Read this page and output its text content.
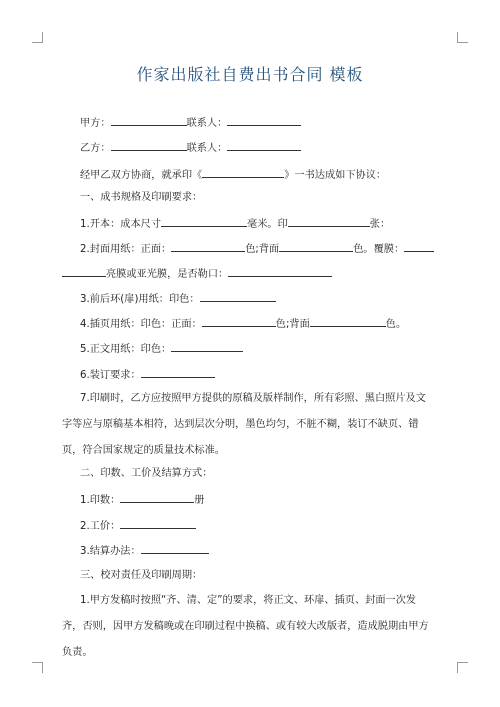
作家出版社自费出书合同 模板
甲方：	联系人：
乙方：	联系人：
经甲乙双方协商，就承印《	》一书达成如下协议：
一、成书规格及印刷要求：
1.开本：成本尺寸	毫米。印	张：
2.封面用纸：正面：	色;背面	色。覆膜：
亮膜或亚光膜，是否勒口：
3.前后环(扉)用纸：印色：
4.插页用纸：印色：正面：	色;背面	色。
5.正文用纸：印色：
6.装订要求：
7.印刷时，乙方应按照甲方提供的原稿及版样制作，所有彩照、黑白照片及文字等应与原稿基本相符，达到层次分明，墨色均匀，不脏不糊，装订不缺页、错页，符合国家规定的质量技术标准。
二、印数、工价及结算方式：
1.印数：	册
2.工价：
3.结算办法：
三、校对责任及印刷周期：
1.甲方发稿时按照“齐、清、定”的要求，将正文、环扉、插页、封面一次发齐，否则，因甲方发稿晚或在印刷过程中换稿、或有较大改版者，造成脱期由甲方负责。
